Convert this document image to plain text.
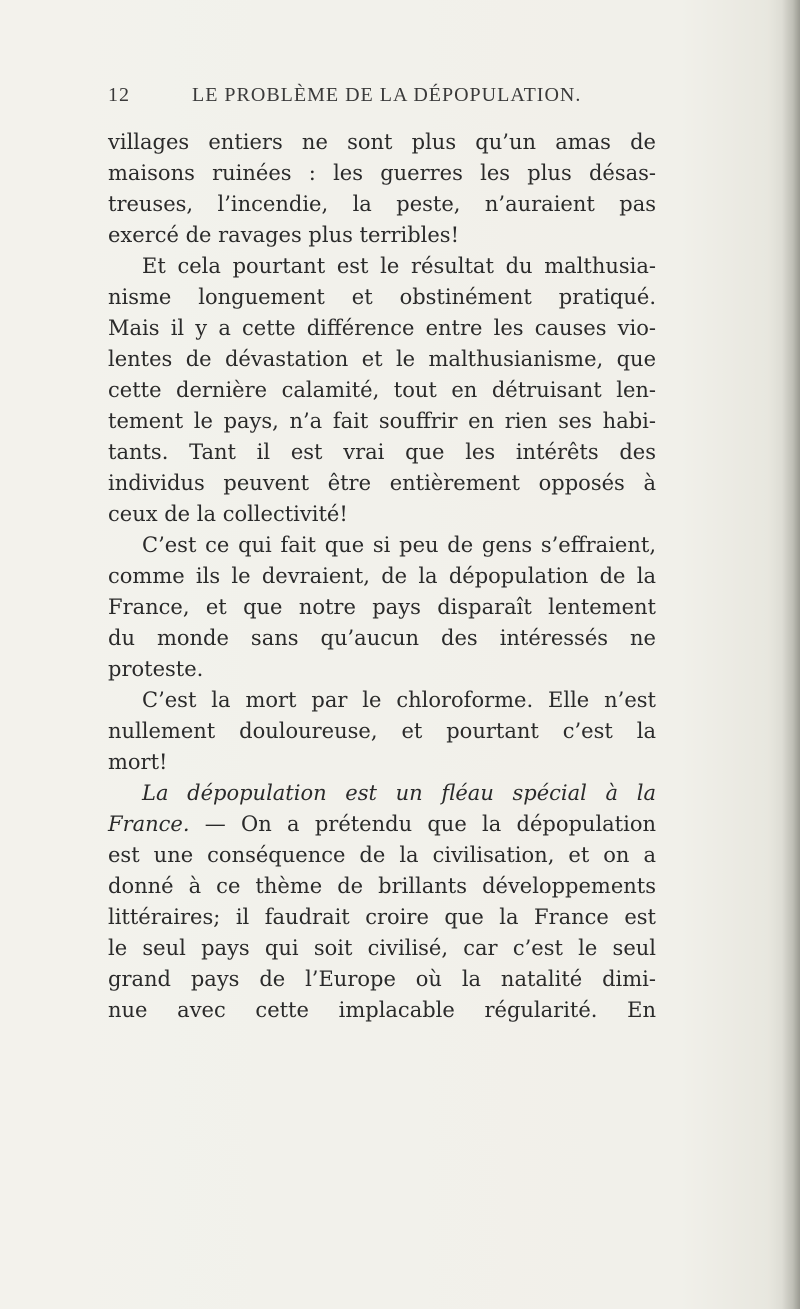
12	LE PROBLÈME DE LA DÉPOPULATION.
villages entiers ne sont plus qu’un amas de
maisons ruinées : les guerres les plus désas-
treuses, l’incendie, la peste, n’auraient pas
exercé de ravages plus terribles!
Et cela pourtant est le résultat du malthusia-
nisme longuement et obstinément pratiqué.
Mais il y a cette différence entre les causes vio-
lentes de dévastation et le malthusianisme, que
cette dernière calamité, tout en détruisant len-
tement le pays, n’a fait souffrir en rien ses habi-
tants. Tant il est vrai que les intérêts des
individus peuvent être entièrement opposés à
ceux de la collectivité!
C’est ce qui fait que si peu de gens s’effraient,
comme ils le devraient, de la dépopulation de la
France, et que notre pays disparaît lentement
du monde sans qu’aucun des intéressés ne
proteste.
C’est la mort par le chloroforme. Elle n’est
nullement douloureuse, et pourtant c’est la
mort!
La dépopulation est un fléau spécial à la
France. — On a prétendu que la dépopulation
est une conséquence de la civilisation, et on a
donné à ce thème de brillants développements
littéraires; il faudrait croire que la France est
le seul pays qui soit civilisé, car c’est le seul
grand pays de l’Europe où la natalité dimi-
nue avec cette implacable régularité. En
